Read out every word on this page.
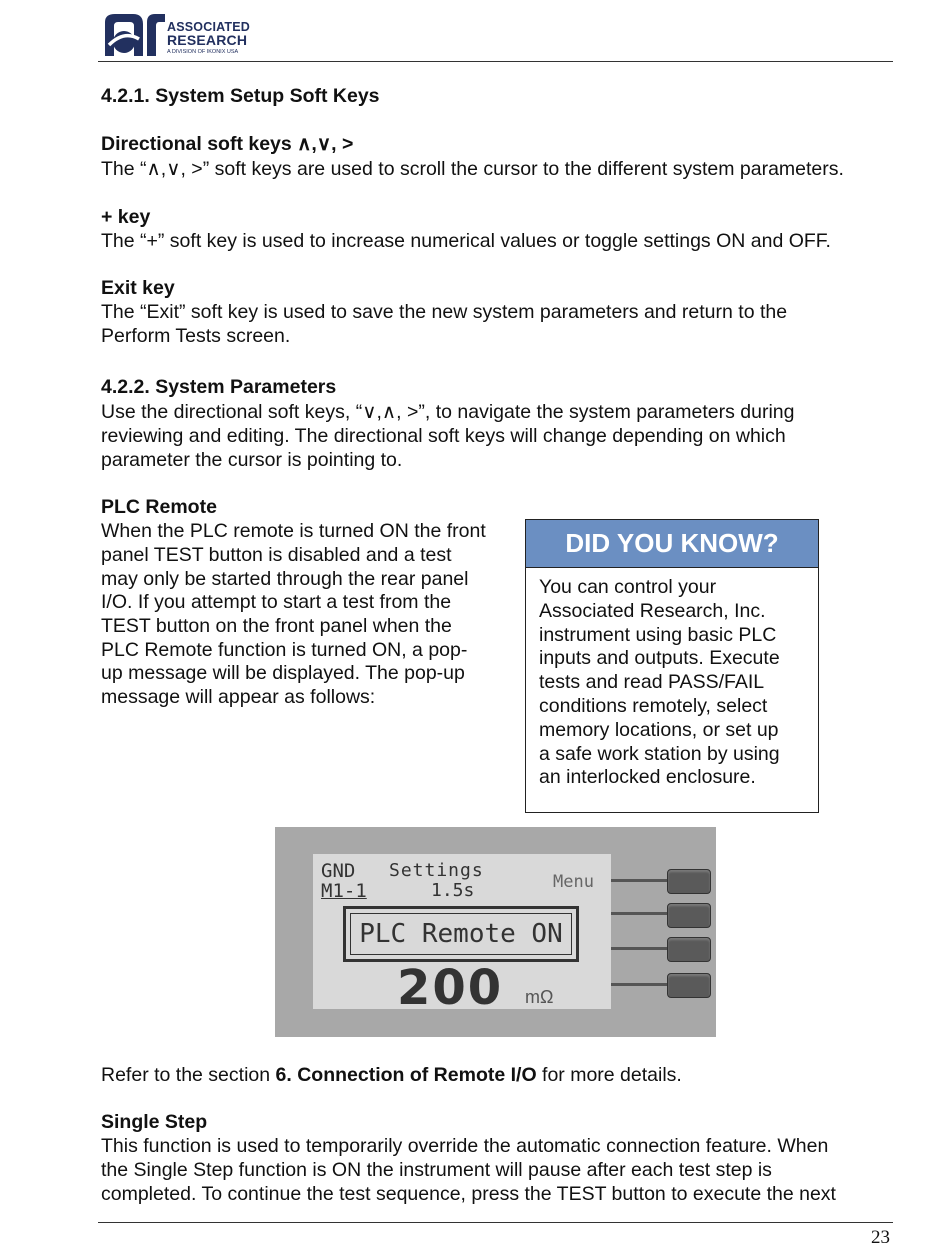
ASSOCIATED
RESEARCH
A DIVISION OF IKONIX USA
4.2.1. System Setup Soft Keys
Directional soft keys ∧,∨, >
The “∧,∨, >” soft keys are used to scroll the cursor to the different system parameters.
+ key
The “+” soft key is used to increase numerical values or toggle settings ON and OFF.
Exit key
The “Exit” soft key is used to save the new system parameters and return to the
Perform Tests screen.
4.2.2. System Parameters
Use the directional soft keys, “∨,∧, >”, to navigate the system parameters during
reviewing and editing. The directional soft keys will change depending on which
parameter the cursor is pointing to.
PLC Remote
When the PLC remote is turned ON the front
panel TEST button is disabled and a test
may only be started through the rear panel
I/O. If you attempt to start a test from the
TEST button on the front panel when the
PLC Remote function is turned ON, a pop-
up message will be displayed. The pop-up
message will appear as follows:
DID YOU KNOW?
You can control your
Associated Research, Inc.
instrument using basic PLC
inputs and outputs. Execute
tests and read PASS/FAIL
conditions remotely, select
memory locations, or set up
a safe work station by using
an interlocked enclosure.
GND Settings
M1-1	1.5s	Menu
PLC Remote ON
200 mΩ
Refer to the section 6. Connection of Remote I/O for more details.
Single Step
This function is used to temporarily override the automatic connection feature. When
the Single Step function is ON the instrument will pause after each test step is
completed. To continue the test sequence, press the TEST button to execute the next
23
